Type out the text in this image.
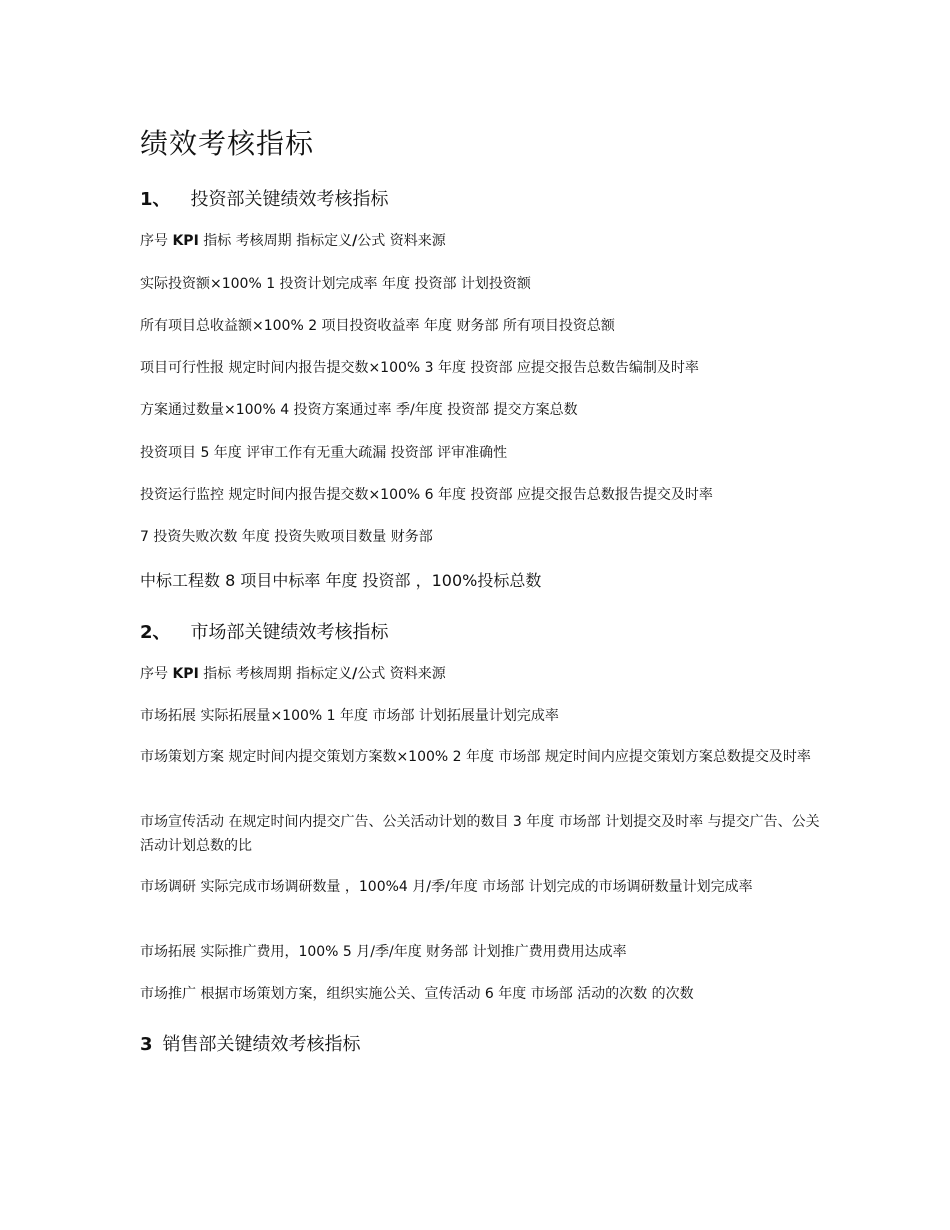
绩效考核指标
1、 投资部关键绩效考核指标
序号 KPI 指标 考核周期 指标定义/公式 资料来源
实际投资额×100% 1 投资计划完成率 年度 投资部 计划投资额
所有项目总收益额×100% 2 项目投资收益率 年度 财务部 所有项目投资总额
项目可行性报 规定时间内报告提交数×100% 3 年度 投资部 应提交报告总数告编制及时率
方案通过数量×100% 4 投资方案通过率 季/年度 投资部 提交方案总数
投资项目 5 年度 评审工作有无重大疏漏 投资部 评审准确性
投资运行监控 规定时间内报告提交数×100% 6 年度 投资部 应提交报告总数报告提交及时率
7 投资失败次数 年度 投资失败项目数量 财务部
中标工程数 8 项目中标率 年度 投资部 ，100%投标总数
2、 市场部关键绩效考核指标
序号 KPI 指标 考核周期 指标定义/公式 资料来源
市场拓展 实际拓展量×100% 1 年度 市场部 计划拓展量计划完成率
市场策划方案 规定时间内提交策划方案数×100% 2 年度 市场部 规定时间内应提交策划方案总数提交及时率
市场宣传活动 在规定时间内提交广告、公关活动计划的数目 3 年度 市场部 计划提交及时率 与提交广告、公关活动计划总数的比
市场调研 实际完成市场调研数量 ，100%4 月/季/年度 市场部 计划完成的市场调研数量计划完成率
市场拓展 实际推广费用，100% 5 月/季/年度 财务部 计划推广费用费用达成率
市场推广 根据市场策划方案，组织实施公关、宣传活动 6 年度 市场部 活动的次数 的次数
3 销售部关键绩效考核指标
